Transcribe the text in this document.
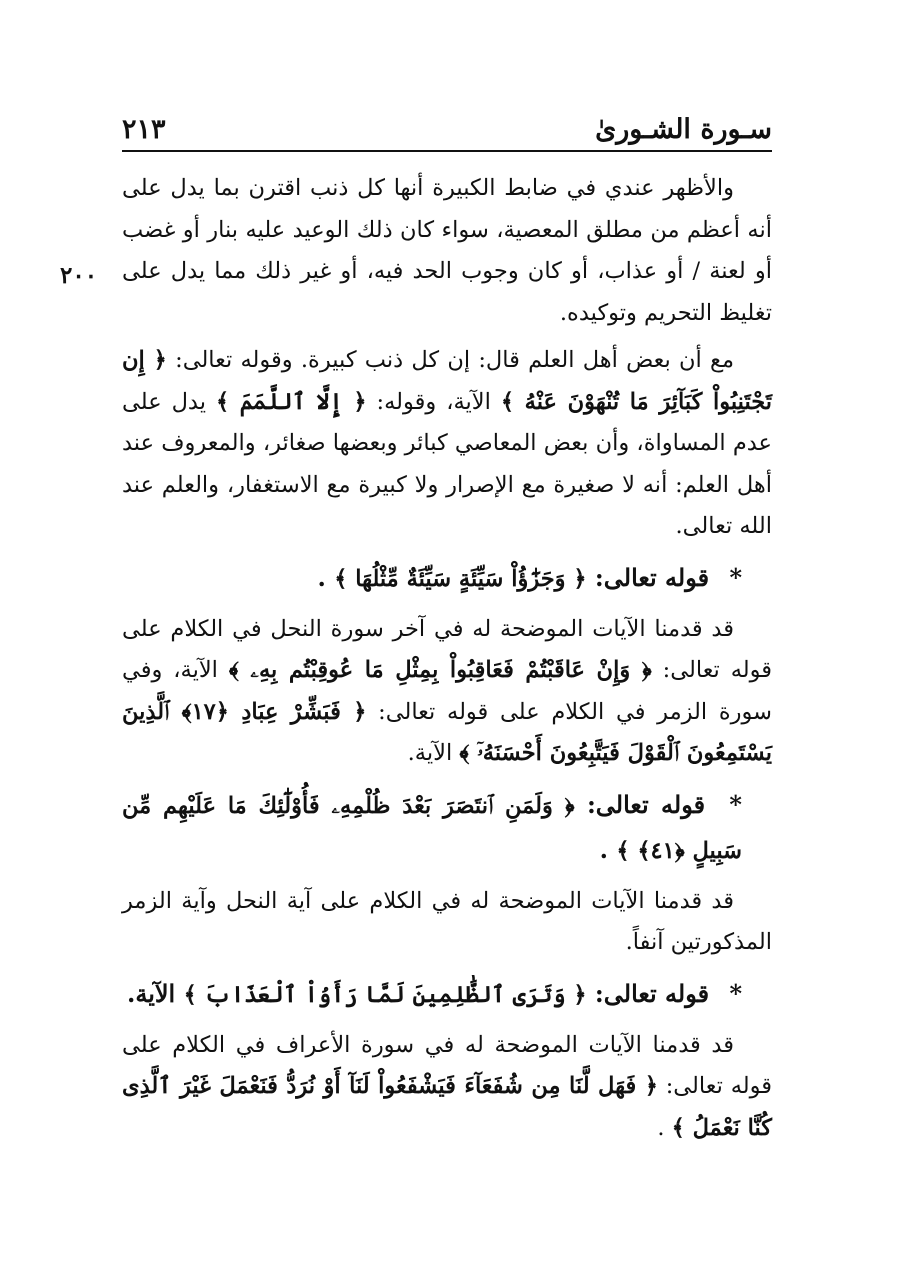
سـورة الشـورىٰ
٢١٣
٢٠٠

والأظهر عندي في ضابط الكبيرة أنها كل ذنب اقترن بما يدل على أنه أعظم من مطلق المعصية، سواء كان ذلك الوعيد عليه بنار أو غضب أو لعنة / أو عذاب، أو كان وجوب الحد فيه، أو غير ذلك مما يدل على تغليظ التحريم وتوكيده.

مع أن بعض أهل العلم قال: إن كل ذنب كبيرة. وقوله تعالى: ﴿ إِن تَجْتَنِبُواْ كَبَآئِرَ مَا تُنْهَوْنَ عَنْهُ ﴾ الآية، وقوله: ﴿ إِلَّا ٱللَّمَمَ ﴾ يدل على عدم المساواة، وأن بعض المعاصي كبائر وبعضها صغائر، والمعروف عند أهل العلم: أنه لا صغيرة مع الإصرار ولا كبيرة مع الاستغفار، والعلم عند الله تعالى.

* قوله تعالى: ﴿ وَجَزَٰٓؤُاْ سَيِّئَةٍ سَيِّئَةٌ مِّثْلُهَا ﴾ .

قد قدمنا الآيات الموضحة له في آخر سورة النحل في الكلام على قوله تعالى: ﴿ وَإِنْ عَاقَبْتُمْ فَعَاقِبُواْ بِمِثْلِ مَا عُوقِبْتُم بِهِۦ ﴾ الآية، وفي سورة الزمر في الكلام على قوله تعالى: ﴿ فَبَشِّرْ عِبَادِ ﴿١٧﴾ ٱلَّذِينَ يَسْتَمِعُونَ ٱلْقَوْلَ فَيَتَّبِعُونَ أَحْسَنَهُۥٓ ﴾ الآية.

* قوله تعالى: ﴿ وَلَمَنِ ٱنتَصَرَ بَعْدَ ظُلْمِهِۦ فَأُوْلَٰٓئِكَ مَا عَلَيْهِم مِّن سَبِيلٍ ﴿٤١﴾ ﴾ .

قد قدمنا الآيات الموضحة له في الكلام على آية النحل وآية الزمر المذكورتين آنفاً.

* قوله تعالى: ﴿ وَتَرَى ٱلظَّٰلِمِينَ لَمَّا رَأَوُاْ ٱلْعَذَابَ ﴾ الآية.

قد قدمنا الآيات الموضحة له في سورة الأعراف في الكلام على قوله تعالى: ﴿ فَهَل لَّنَا مِن شُفَعَآءَ فَيَشْفَعُواْ لَنَآ أَوْ نُرَدُّ فَنَعْمَلَ غَيْرَ ٱلَّذِى كُنَّا نَعْمَلُ ﴾ .
